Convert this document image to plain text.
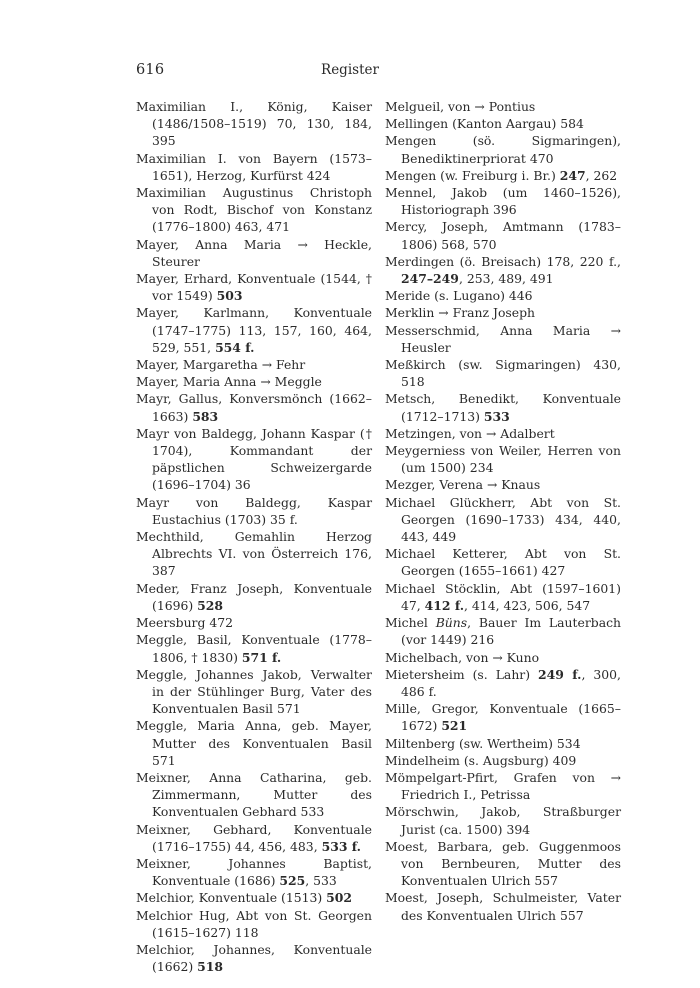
616	Register

Maximilian I., König, Kaiser (1486/1508–1519) 70, 130, 184, 395

Maximilian I. von Bayern (1573–1651), Herzog, Kurfürst 424

Maximilian Augustinus Christoph von Rodt, Bischof von Konstanz (1776–1800) 463, 471

Mayer, Anna Maria → Heckle, Steurer

Mayer, Erhard, Konventuale (1544, † vor 1549) 503

Mayer, Karlmann, Konventuale (1747–1775) 113, 157, 160, 464, 529, 551, 554 f.

Mayer, Margaretha → Fehr

Mayer, Maria Anna → Meggle

Mayr, Gallus, Konversmönch (1662–1663) 583

Mayr von Baldegg, Johann Kaspar († 1704), Kommandant der päpstlichen Schweizergarde (1696–1704) 36

Mayr von Baldegg, Kaspar Eustachius (1703) 35 f.

Mechthild, Gemahlin Herzog Albrechts VI. von Österreich 176, 387

Meder, Franz Joseph, Konventuale (1696) 528

Meersburg 472

Meggle, Basil, Konventuale (1778–1806, † 1830) 571 f.

Meggle, Johannes Jakob, Verwalter in der Stühlinger Burg, Vater des Konventualen Basil 571

Meggle, Maria Anna, geb. Mayer, Mutter des Konventualen Basil 571

Meixner, Anna Catharina, geb. Zimmermann, Mutter des Konventualen Gebhard 533

Meixner, Gebhard, Konventuale (1716–1755) 44, 456, 483, 533 f.

Meixner, Johannes Baptist, Konventuale (1686) 525, 533

Melchior, Konventuale (1513) 502

Melchior Hug, Abt von St. Georgen (1615–1627) 118

Melchior, Johannes, Konventuale (1662) 518

Melgueil, von → Pontius

Mellingen (Kanton Aargau) 584

Mengen (sö. Sigmaringen), Benediktinerpriorat 470

Mengen (w. Freiburg i. Br.) 247, 262

Mennel, Jakob (um 1460–1526), Historiograph 396

Mercy, Joseph, Amtmann (1783–1806) 568, 570

Merdingen (ö. Breisach) 178, 220 f., 247–249, 253, 489, 491

Meride (s. Lugano) 446

Merklin → Franz Joseph

Messerschmid, Anna Maria → Heusler

Meßkirch (sw. Sigmaringen) 430, 518

Metsch, Benedikt, Konventuale (1712–1713) 533

Metzingen, von → Adalbert

Meygerniess von Weiler, Herren von (um 1500) 234

Mezger, Verena → Knaus

Michael Glückherr, Abt von St. Georgen (1690–1733) 434, 440, 443, 449

Michael Ketterer, Abt von St. Georgen (1655–1661) 427

Michael Stöcklin, Abt (1597–1601) 47, 412 f., 414, 423, 506, 547

Michel Büns, Bauer Im Lauterbach (vor 1449) 216

Michelbach, von → Kuno

Mietersheim (s. Lahr) 249 f., 300, 486 f.

Mille, Gregor, Konventuale (1665–1672) 521

Miltenberg (sw. Wertheim) 534

Mindelheim (s. Augsburg) 409

Mömpelgart-Pfirt, Grafen von → Friedrich I., Petrissa

Mörschwin, Jakob, Straßburger Jurist (ca. 1500) 394

Moest, Barbara, geb. Guggenmoos von Bernbeuren, Mutter des Konventualen Ulrich 557

Moest, Joseph, Schulmeister, Vater des Konventualen Ulrich 557
